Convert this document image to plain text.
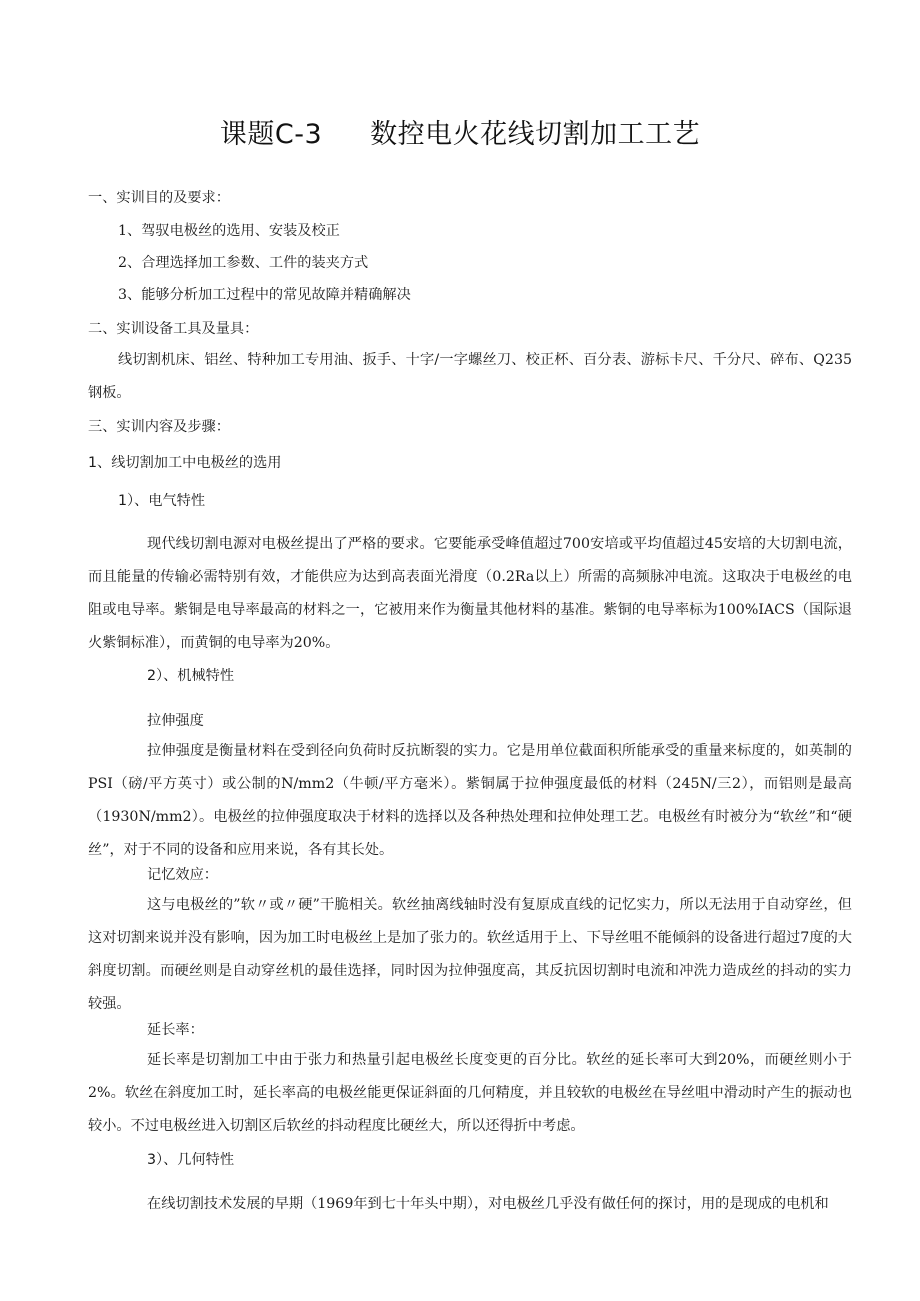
课题C-3 数控电火花线切割加工工艺
一、实训目的及要求：
1、驾驭电极丝的选用、安装及校正
2、合理选择加工参数、工件的装夹方式
3、能够分析加工过程中的常见故障并精确解决
二、实训设备工具及量具：
线切割机床、铝丝、特种加工专用油、扳手、十字/一字螺丝刀、校正杯、百分表、游标卡尺、千分尺、碎布、Q235钢板。
三、实训内容及步骤：
1、线切割加工中电极丝的选用
1）、电气特性
现代线切割电源对电极丝提出了严格的要求。它要能承受峰值超过700安培或平均值超过45安培的大切割电流，而且能量的传输必需特别有效，才能供应为达到高表面光滑度（0.2Ra以上）所需的高频脉冲电流。这取决于电极丝的电阻或电导率。紫铜是电导率最高的材料之一，它被用来作为衡量其他材料的基准。紫铜的电导率标为100%IACS（国际退火紫铜标准），而黄铜的电导率为20%。
2）、机械特性
拉伸强度
拉伸强度是衡量材料在受到径向负荷时反抗断裂的实力。它是用单位截面积所能承受的重量来标度的，如英制的PSI（磅/平方英寸）或公制的N/mm2（牛顿/平方毫米）。紫铜属于拉伸强度最低的材料（245N/三2），而铝则是最高（1930N/mm2）。电极丝的拉伸强度取决于材料的选择以及各种热处理和拉伸处理工艺。电极丝有时被分为“软丝”和“硬丝”，对于不同的设备和应用来说，各有其长处。
记忆效应：
这与电极丝的”软〃或〃硬”干脆相关。软丝抽离线轴时没有复原成直线的记忆实力，所以无法用于自动穿丝，但这对切割来说并没有影响，因为加工时电极丝上是加了张力的。软丝适用于上、下导丝咀不能倾斜的设备进行超过7度的大斜度切割。而硬丝则是自动穿丝机的最佳选择，同时因为拉伸强度高，其反抗因切割时电流和冲洗力造成丝的抖动的实力较强。
延长率：
延长率是切割加工中由于张力和热量引起电极丝长度变更的百分比。软丝的延长率可大到20%，而硬丝则小于2%。软丝在斜度加工时，延长率高的电极丝能更保证斜面的几何精度，并且较软的电极丝在导丝咀中滑动时产生的振动也较小。不过电极丝进入切割区后软丝的抖动程度比硬丝大，所以还得折中考虑。
3）、几何特性
在线切割技术发展的早期（1969年到七十年头中期），对电极丝几乎没有做任何的探讨，用的是现成的电机和
